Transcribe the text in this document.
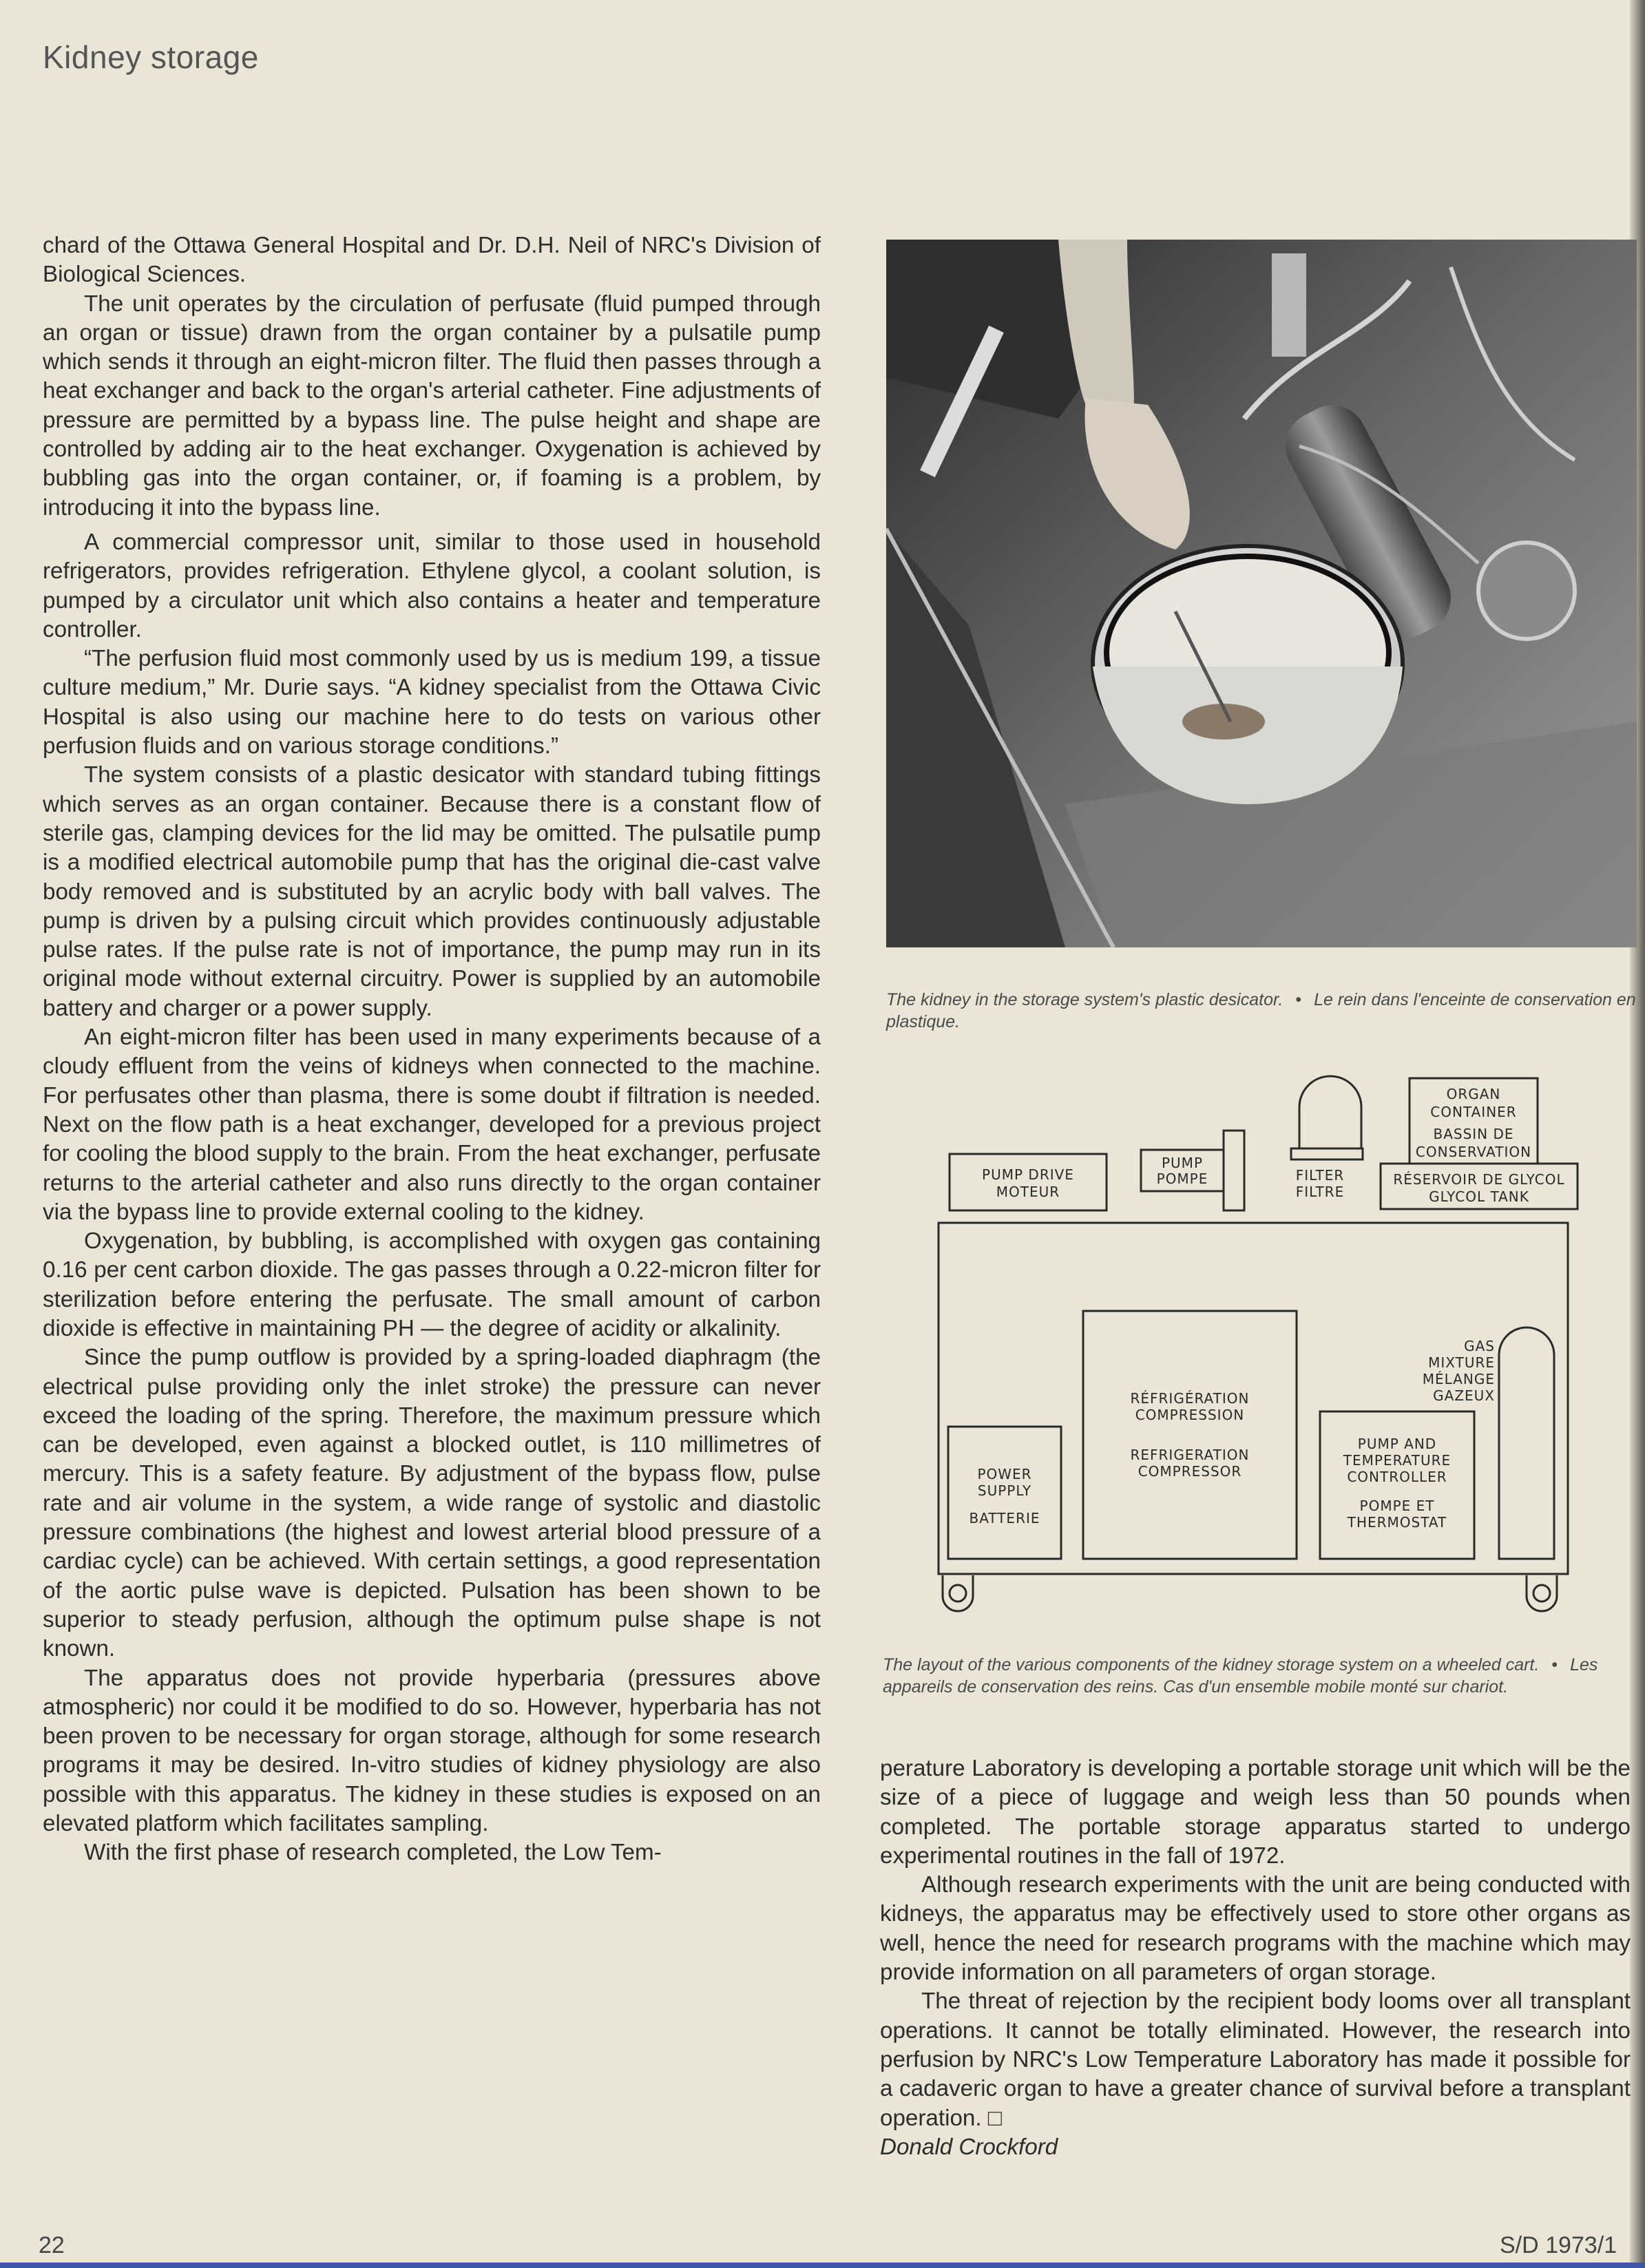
Kidney storage

chard of the Ottawa General Hospital and Dr. D.H. Neil of NRC's Division of Biological Sciences.

The unit operates by the circulation of perfusate (fluid pumped through an organ or tissue) drawn from the organ container by a pulsatile pump which sends it through an eight-micron filter. The fluid then passes through a heat exchanger and back to the organ's arterial catheter. Fine adjustments of pressure are permitted by a bypass line. The pulse height and shape are controlled by adding air to the heat exchanger. Oxygenation is achieved by bubbling gas into the organ container, or, if foaming is a problem, by introducing it into the bypass line.

A commercial compressor unit, similar to those used in household refrigerators, provides refrigeration. Ethylene glycol, a coolant solution, is pumped by a circulator unit which also contains a heater and temperature controller.

“The perfusion fluid most commonly used by us is medium 199, a tissue culture medium,” Mr. Durie says. “A kidney specialist from the Ottawa Civic Hospital is also using our machine here to do tests on various other perfusion fluids and on various storage conditions.”

The system consists of a plastic desicator with standard tubing fittings which serves as an organ container. Because there is a constant flow of sterile gas, clamping devices for the lid may be omitted. The pulsatile pump is a modified electrical automobile pump that has the original die-cast valve body removed and is substituted by an acrylic body with ball valves. The pump is driven by a pulsing circuit which provides continuously adjustable pulse rates. If the pulse rate is not of importance, the pump may run in its original mode without external circuitry. Power is supplied by an automobile battery and charger or a power supply.

An eight-micron filter has been used in many experiments because of a cloudy effluent from the veins of kidneys when connected to the machine. For perfusates other than plasma, there is some doubt if filtration is needed. Next on the flow path is a heat exchanger, developed for a previous project for cooling the blood supply to the brain. From the heat exchanger, perfusate returns to the arterial catheter and also runs directly to the organ container via the bypass line to provide external cooling to the kidney.

Oxygenation, by bubbling, is accomplished with oxygen gas containing 0.16 per cent carbon dioxide. The gas passes through a 0.22-micron filter for sterilization before entering the perfusate. The small amount of carbon dioxide is effective in maintaining PH — the degree of acidity or alkalinity.

Since the pump outflow is provided by a spring-loaded diaphragm (the electrical pulse providing only the inlet stroke) the pressure can never exceed the loading of the spring. Therefore, the maximum pressure which can be developed, even against a blocked outlet, is 110 millimetres of mercury. This is a safety feature. By adjustment of the bypass flow, pulse rate and air volume in the system, a wide range of systolic and diastolic pressure combinations (the highest and lowest arterial blood pressure of a cardiac cycle) can be achieved. With certain settings, a good representation of the aortic pulse wave is depicted. Pulsation has been shown to be superior to steady perfusion, although the optimum pulse shape is not known.

The apparatus does not provide hyperbaria (pressures above atmospheric) nor could it be modified to do so. However, hyperbaria has not been proven to be necessary for organ storage, although for some research programs it may be desired. In-vitro studies of kidney physiology are also possible with this apparatus. The kidney in these studies is exposed on an elevated platform which facilitates sampling.

With the first phase of research completed, the Low Tem-

The kidney in the storage system's plastic desicator. • Le rein dans l'enceinte de conservation en plastique.
PUMP DRIVE
MOTEUR
PUMP
POMPE	FILTER
FILTRE
ORGAN
CONTAINER
BASSIN DE
CONSERVATION
RÉSERVOIR DE GLYCOL
GLYCOL TANK
RÉFRIGÉRATION
COMPRESSION
REFRIGERATION
COMPRESSOR
POWER
SUPPLY
BATTERIE
PUMP AND
TEMPERATURE
CONTROLLER
POMPE ET
THERMOSTAT
GAS
MIXTURE
MÉLANGE
GAZEUX
The layout of the various components of the kidney storage system on a wheeled cart. • Les appareils de conservation des reins. Cas d'un ensemble mobile monté sur chariot.

perature Laboratory is developing a portable storage unit which will be the size of a piece of luggage and weigh less than 50 pounds when completed. The portable storage apparatus started to undergo experimental routines in the fall of 1972.

Although research experiments with the unit are being conducted with kidneys, the apparatus may be effectively used to store other organs as well, hence the need for research programs with the machine which may provide information on all parameters of organ storage.

The threat of rejection by the recipient body looms over all transplant operations. It cannot be totally eliminated. However, the research into perfusion by NRC's Low Temperature Laboratory has made it possible for a cadaveric organ to have a greater chance of survival before a transplant operation. □

Donald Crockford

22	S/D 1973/1
